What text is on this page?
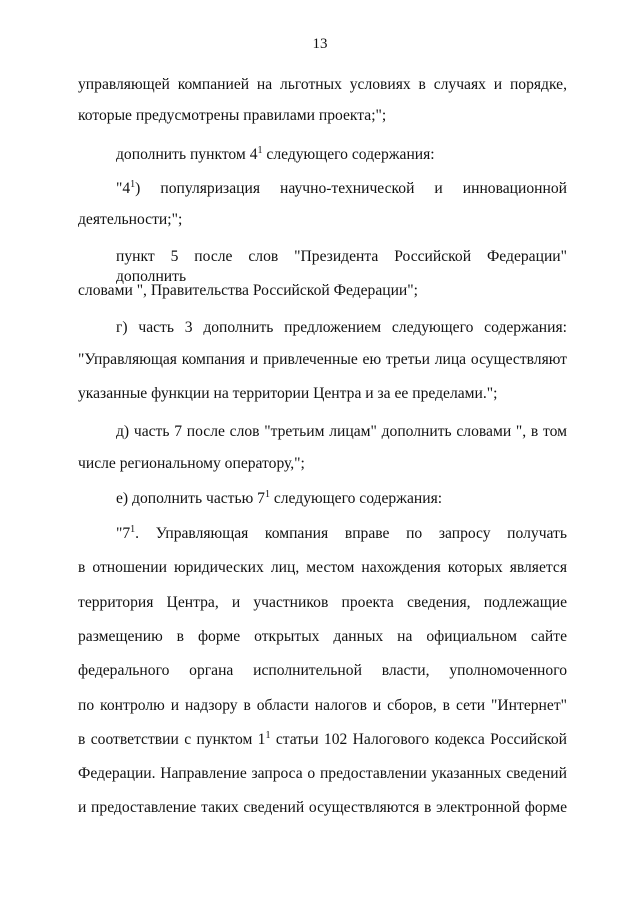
13
управляющей компанией на льготных условиях в случаях и порядке,
которые предусмотрены правилами проекта;";
дополнить пунктом $4^1$ следующего содержания:
"$4^1$) популяризация научно-технической и инновационной
деятельности;";
пункт 5 после слов "Президента Российской Федерации" дополнить
словами ", Правительства Российской Федерации";
г) часть 3 дополнить предложением следующего содержания:
"Управляющая компания и привлеченные ею третьи лица осуществляют
указанные функции на территории Центра и за ее пределами.";
д) часть 7 после слов "третьим лицам" дополнить словами ", в том
числе региональному оператору,";
е) дополнить частью $7^1$ следующего содержания:
"$7^1$. Управляющая компания вправе по запросу получать
в отношении юридических лиц, местом нахождения которых является
территория Центра, и участников проекта сведения, подлежащие
размещению в форме открытых данных на официальном сайте
федерального органа исполнительной власти, уполномоченного
по контролю и надзору в области налогов и сборов, в сети "Интернет"
в соответствии с пунктом $1^1$ статьи 102 Налогового кодекса Российской
Федерации. Направление запроса о предоставлении указанных сведений
и предоставление таких сведений осуществляются в электронной форме
